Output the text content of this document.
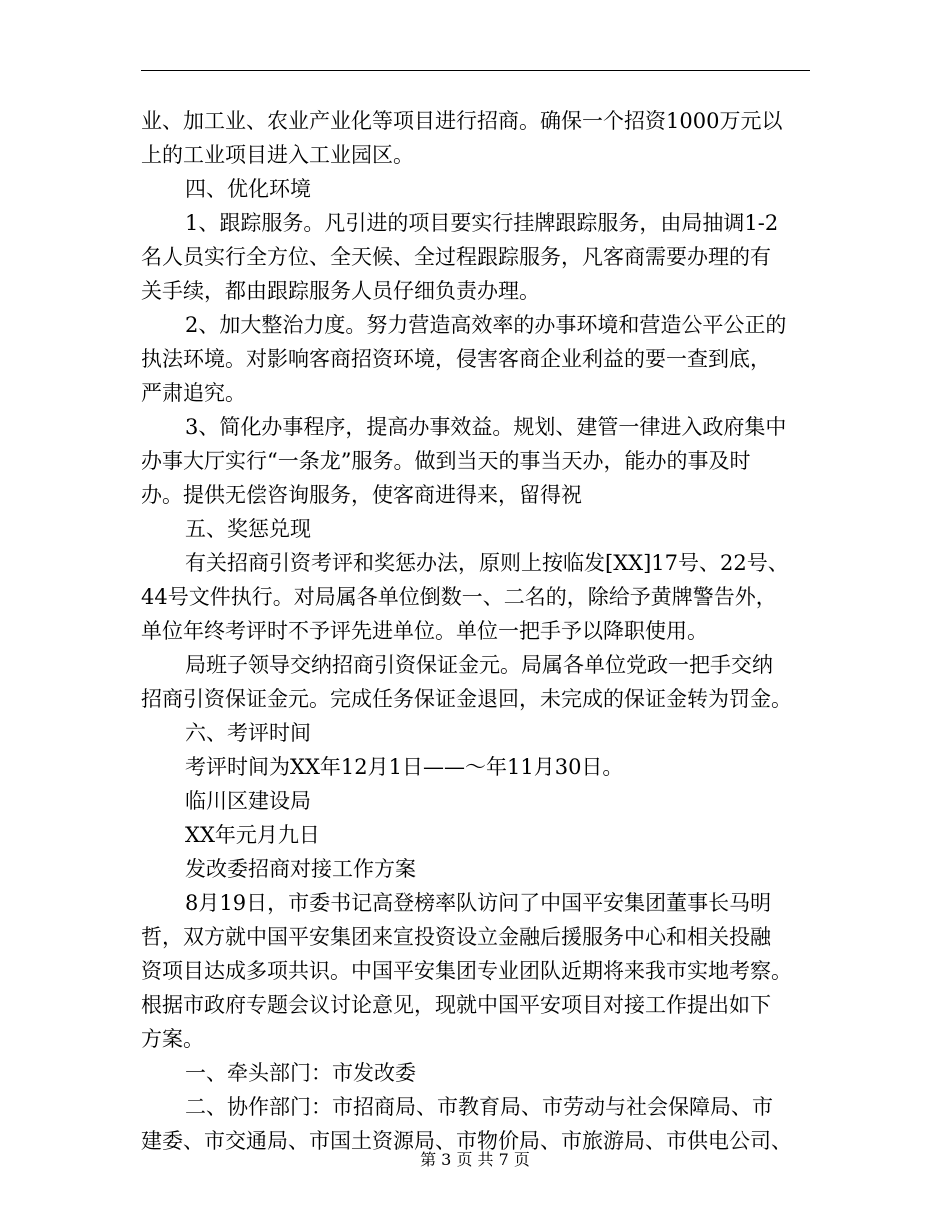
业、加工业、农业产业化等项目进行招商。确保一个招资1000万元以
上的工业项目进入工业园区。
四、优化环境
1、跟踪服务。凡引进的项目要实行挂牌跟踪服务，由局抽调1-2
名人员实行全方位、全天候、全过程跟踪服务，凡客商需要办理的有
关手续，都由跟踪服务人员仔细负责办理。
2、加大整治力度。努力营造高效率的办事环境和营造公平公正的
执法环境。对影响客商招资环境，侵害客商企业利益的要一查到底，
严肃追究。
3、简化办事程序，提高办事效益。规划、建管一律进入政府集中
办事大厅实行“一条龙”服务。做到当天的事当天办，能办的事及时
办。提供无偿咨询服务，使客商进得来，留得祝
五、奖惩兑现
有关招商引资考评和奖惩办法，原则上按临发[XX]17号、22号、
44号文件执行。对局属各单位倒数一、二名的，除给予黄牌警告外，
单位年终考评时不予评先进单位。单位一把手予以降职使用。
局班子领导交纳招商引资保证金元。局属各单位党政一把手交纳
招商引资保证金元。完成任务保证金退回，未完成的保证金转为罚金。
六、考评时间
考评时间为XX年12月1日——～年11月30日。
临川区建设局
XX年元月九日
发改委招商对接工作方案
8月19日，市委书记高登榜率队访问了中国平安集团董事长马明
哲，双方就中国平安集团来宣投资设立金融后援服务中心和相关投融
资项目达成多项共识。中国平安集团专业团队近期将来我市实地考察。
根据市政府专题会议讨论意见，现就中国平安项目对接工作提出如下
方案。
一、牵头部门：市发改委
二、协作部门：市招商局、市教育局、市劳动与社会保障局、市
建委、市交通局、市国土资源局、市物价局、市旅游局、市供电公司、
第 3 页 共 7 页
